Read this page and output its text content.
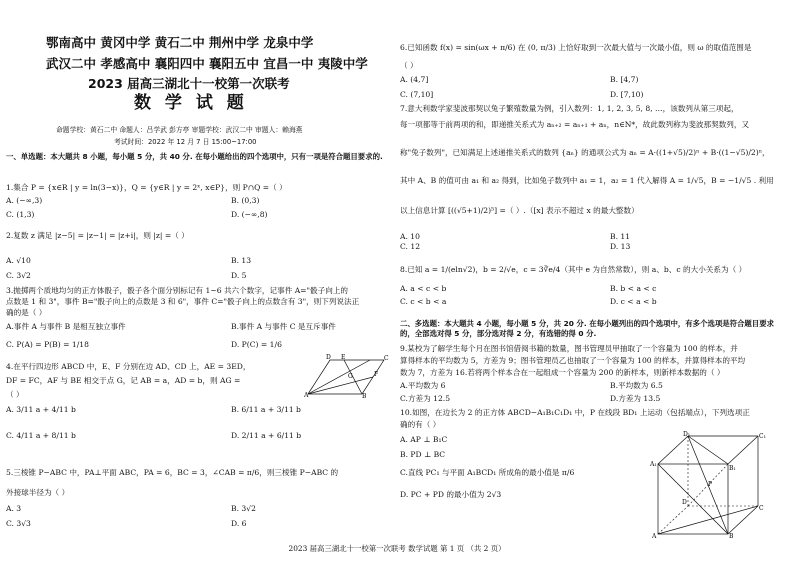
鄂南高中 黄冈中学 黄石二中 荆州中学 龙泉中学
武汉二中 孝感高中 襄阳四中 襄阳五中 宜昌一中 夷陵中学
2023 届高三湖北十一校第一次联考
数 学 试 题
命题学校：黄石二中 命题人：吕学武 彭方亭 审题学校：武汉二中 审题人：赖海燕
考试时间：2022 年 12 月 7 日 15:00~17:00
一、单选题：本大题共 8 小题，每小题 5 分，共 40 分. 在每小题给出的四个选项中，只有一项是符合题目要求的.
1.集合 P = {x∈R | y = ln(3−x)}，Q = {y∈R | y = 2ˣ, x∈P}，则 P∩Q =（ ）
A. (−∞,3)	B. (0,3)
C. (1,3)	D. (−∞,8)
2.复数 z 满足 |z−5| = |z−1| = |z+i|，则 |z| =（ ）
A. √10	B. 13
C. 3√2	D. 5
3.抛掷两个质地均匀的正方体骰子，骰子各个面分别标记有 1~6 共六个数字，记事件 A="骰子向上的
点数是 1 和 3"，事件 B="骰子向上的点数是 3 和 6"，事件 C="骰子向上的点数含有 3"，则下列说法正
确的是（ ）
A.事件 A 与事件 B 是相互独立事件	B.事件 A 与事件 C 是互斥事件
C. P(A) = P(B) = 1/18	D. P(C) = 1/6
4.在平行四边形 ABCD 中，E、F 分别在边 AD、CD 上，AE = 3ED，
DF = FC，AF 与 BE 相交于点 G，记 AB = a，AD = b，则 AG =
（ ）
A. 3/11 a + 4/11 b	B. 6/11 a + 3/11 b
C. 4/11 a + 8/11 b	D. 2/11 a + 6/11 b
A	B
C
D E
F
G
5.三棱锥 P−ABC 中，PA⊥平面 ABC，PA = 6，BC = 3，∠CAB = π/6，则三棱锥 P−ABC 的
外接球半径为（ ）
A. 3	B. 3√2
C. 3√3	D. 6
6.已知函数 f(x) = sin(ωx + π/6) 在 (0, π/3) 上恰好取到一次最大值与一次最小值，则 ω 的取值范围是
（ ）
A. (4,7]	B. [4,7)
C. (7,10]	D. [7,10)
7.意大利数学家斐波那契以兔子繁殖数量为例，引入数列：1, 1, 2, 3, 5, 8, …，该数列从第三项起，
每一项都等于前两项的和，即递推关系式为 aₙ₊₂ = aₙ₊₁ + aₙ，n∈N*，故此数列称为斐波那契数列，又
称"兔子数列"，已知满足上述递推关系式的数列 {aₙ} 的通项公式为 aₙ = A·((1+√5)/2)ⁿ + B·((1−√5)/2)ⁿ，
其中 A、B 的值可由 a₁ 和 a₂ 得到，比如兔子数列中 a₁ = 1，a₂ = 1 代入解得 A = 1/√5，B = −1/√5 . 利用
以上信息计算 [((√5+1)/2)⁵] =（ ）.（[x] 表示不超过 x 的最大整数）
A. 10	B. 11
C. 12	D. 13
8.已知 a = 1/(eln√2)，b = 2/√e，c = 3∛e/4（其中 e 为自然常数），则 a、b、c 的大小关系为（ ）
A. a < c < b	B. b < a < c
C. c < b < a	D. c < a < b
二、多选题：本大题共 4 小题，每小题 5 分，共 20 分. 在每小题列出的四个选项中，有多个选项是符合题目要求的，全部选对得 5 分，部分选对得 2 分，有选错的得 0 分.
9.某校为了解学生每个月在图书馆借阅书籍的数量，图书管理员甲抽取了一个容量为 100 的样本，并
算得样本的平均数为 5，方差为 9；图书管理员乙也抽取了一个容量为 100 的样本，并算得样本的平均
数为 7，方差为 16.若将两个样本合在一起组成一个容量为 200 的新样本，则新样本数据的（ ）
A.平均数为 6	B.平均数为 6.5
C.方差为 12.5	D.方差为 13.5
10.如图，在边长为 2 的正方体 ABCD−A₁B₁C₁D₁ 中，P 在线段 BD₁ 上运动（包括端点），下列选项正
确的有（ ）
A. AP ⊥ B₁C
B. PD ⊥ BC
C.直线 PC₁ 与平面 A₁BCD₁ 所成角的最小值是 π/6
D. PC + PD 的最小值为 2√3
D₁	C₁
A₁
B₁
P
D
C
A	B
2023 届高三湖北十一校第一次联考 数学试题 第 1 页 （共 2 页）
